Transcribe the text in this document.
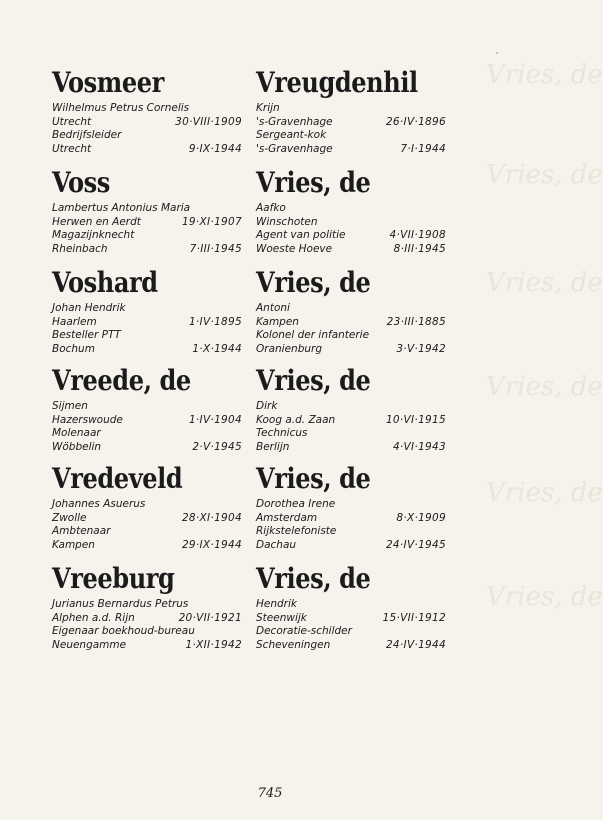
Vries, de
Vries, de
Vries, de
Vries, de
Vries, de
Vries, de
Vosmeer
Wilhelmus Petrus Cornelis
Utrecht	30·VIII·1909
Bedrijfsleider
Utrecht	9·IX·1944
Voss
Lambertus Antonius Maria
Herwen en Aerdt	19·XI·1907
Magazijnknecht
Rheinbach	7·III·1945
Voshard
Johan Hendrik
Haarlem	1·IV·1895
Besteller PTT
Bochum	1·X·1944
Vreede, de
Sijmen
Hazerswoude	1·IV·1904
Molenaar
Wöbbelin	2·V·1945
Vredeveld
Johannes Asuerus
Zwolle	28·XI·1904
Ambtenaar
Kampen	29·IX·1944
Vreeburg
Jurianus Bernardus Petrus
Alphen a.d. Rijn	20·VII·1921
Eigenaar boekhoud-bureau
Neuengamme	1·XII·1942
Vreugdenhil
Krijn
's-Gravenhage	26·IV·1896
Sergeant-kok
's-Gravenhage	7·I·1944
Vries, de
Aafko
Winschoten
Agent van politie	4·VII·1908
Woeste Hoeve	8·III·1945
Vries, de
Antoni
Kampen	23·III·1885
Kolonel der infanterie
Oranienburg	3·V·1942
Vries, de
Dirk
Koog a.d. Zaan	10·VI·1915
Technicus
Berlijn	4·VI·1943
Vries, de
Dorothea Irene
Amsterdam	8·X·1909
Rijkstelefoniste
Dachau	24·IV·1945
Vries, de
Hendrik
Steenwijk	15·VII·1912
Decoratie-schilder
Scheveningen	24·IV·1944
745
